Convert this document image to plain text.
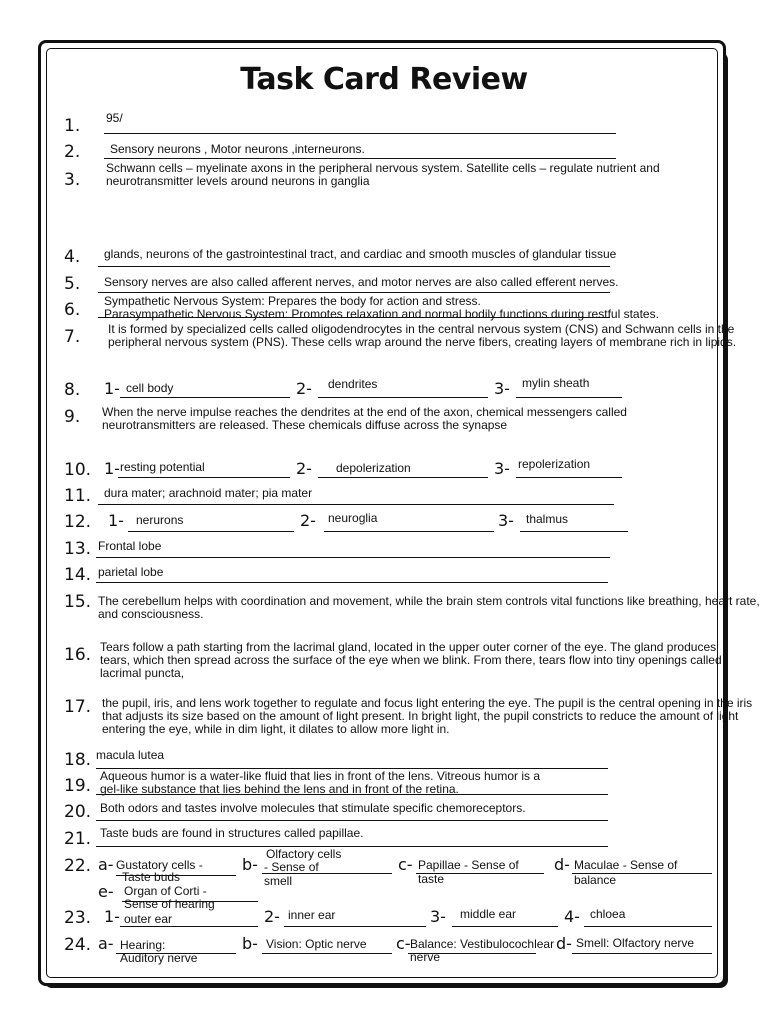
Task Card Review
1. 95/
2. Sensory neurons , Motor neurons ,interneurons.
3.
Schwann cells – myelinate axons in the peripheral nervous system. Satellite cells – regulate nutrient and neurotransmitter levels around neurons in ganglia
4. glands, neurons of the gastrointestinal tract, and cardiac and smooth muscles of glandular tissue
5. Sensory nerves are also called afferent nerves, and motor nerves are also called efferent nerves.
6. Sympathetic Nervous System: Prepares the body for action and stress.
Parasympathetic Nervous System: Promotes relaxation and normal bodily functions during restful states.
7. It is formed by specialized cells called oligodendrocytes in the central nervous system (CNS) and Schwann cells in the peripheral nervous system (PNS). These cells wrap around the nerve fibers, creating layers of membrane rich in lipids.
8. 1- cell body	2- dendrites	3- mylin sheath
9. When the nerve impulse reaches the dendrites at the end of the axon, chemical messengers called neurotransmitters are released. These chemicals diffuse across the synapse
10. 1- resting potential	2- depolerization	3- repolerization
11. dura mater; arachnoid mater; pia mater
12. 1- nerurons	2- neuroglia	3- thalmus
13. Frontal lobe
14. parietal lobe
15. The cerebellum helps with coordination and movement, while the brain stem controls vital functions like breathing, heart rate, and consciousness.
16. Tears follow a path starting from the lacrimal gland, located in the upper outer corner of the eye. The gland produces tears, which then spread across the surface of the eye when we blink. From there, tears flow into tiny openings called lacrimal puncta,
17. the pupil, iris, and lens work together to regulate and focus light entering the eye. The pupil is the central opening in the iris that adjusts its size based on the amount of light present. In bright light, the pupil constricts to reduce the amount of light entering the eye, while in dim light, it dilates to allow more light in.
18. macula lutea
19. Aqueous humor is a water-like fluid that lies in front of the lens. Vitreous humor is a
gel-like substance that lies behind the lens and in front of the retina.
20. Both odors and tastes involve molecules that stimulate specific chemoreceptors.
21. Taste buds are found in structures called papillae.
22. a- Gustatory cells -
Taste buds
b-
Olfactory cells
- Sense of
smell
c- Papillae - Sense of
taste
d- Maculae - Sense of
balance
e- Organ of Corti -
Sense of hearing
23. 1- outer ear	2- inner ear	3- middle ear	4- chloea
24. a- Hearing:
Auditory nerve
b- Vision: Optic nerve c- Balance: Vestibulocochlear
nerve
d- Smell: Olfactory nerve
